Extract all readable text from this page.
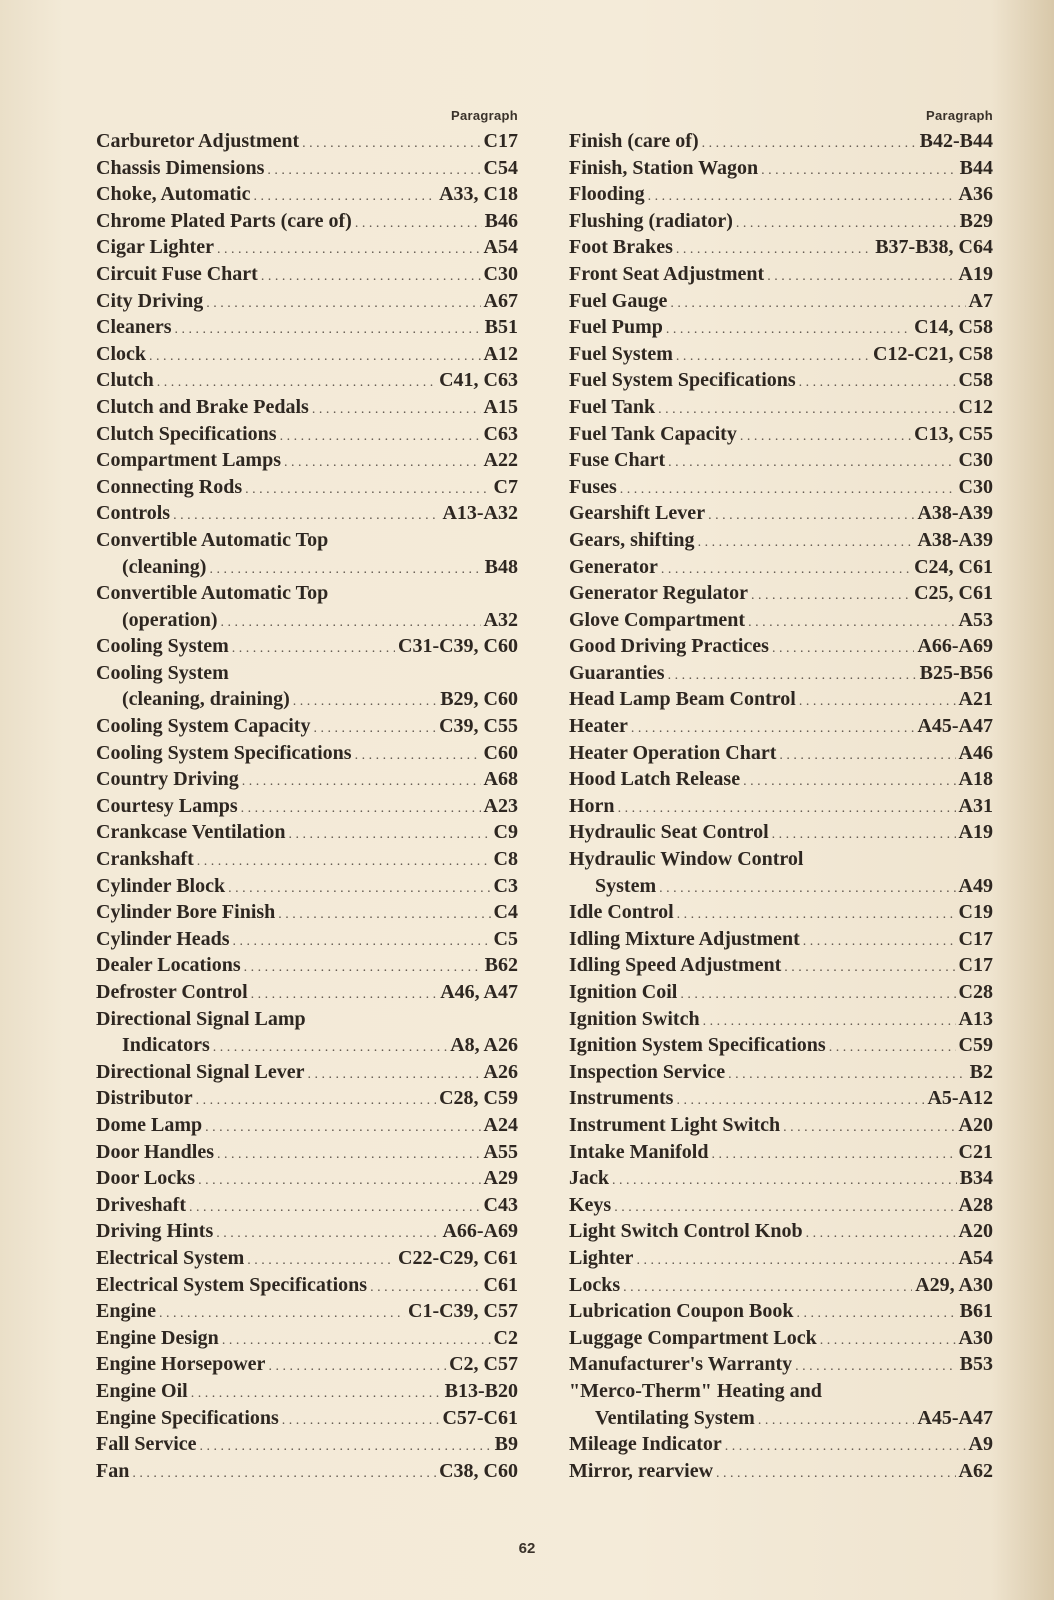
Paragraph
Carburetor Adjustment . . .	C17
Chassis Dimensions . . .	C54
Choke, Automatic . . .	A33, C18
Chrome Plated Parts (care of) . . .	B46
Cigar Lighter . . .	A54
Circuit Fuse Chart . . .	C30
City Driving . . .	A67
Cleaners . . .	B51
Clock . . .	A12
Clutch . . .	C41, C63
Clutch and Brake Pedals . . .	A15
Clutch Specifications . . .	C63
Compartment Lamps . . .	A22
Connecting Rods . . .	C7
Controls . . .	A13-A32
Convertible Automatic Top
(cleaning) . . .	B48
Convertible Automatic Top
(operation) . . .	A32
Cooling System . . .	C31-C39, C60
Cooling System
(cleaning, draining) . . .	B29, C60
Cooling System Capacity . . .	C39, C55
Cooling System Specifications . . .	C60
Country Driving . . .	A68
Courtesy Lamps . . .	A23
Crankcase Ventilation . . .	C9
Crankshaft . . .	C8
Cylinder Block . . .	C3
Cylinder Bore Finish . . .	C4
Cylinder Heads . . .	C5
Dealer Locations . . .	B62
Defroster Control . . .	A46, A47
Directional Signal Lamp
Indicators . . .	A8, A26
Directional Signal Lever . . .	A26
Distributor . . .	C28, C59
Dome Lamp . . .	A24
Door Handles . . .	A55
Door Locks . . .	A29
Driveshaft . . .	C43
Driving Hints . . .	A66-A69
Electrical System . . .	C22-C29, C61
Electrical System Specifications . . .	C61
Engine . . .	C1-C39, C57
Engine Design . . .	C2
Engine Horsepower . . .	C2, C57
Engine Oil . . .	B13-B20
Engine Specifications . . .	C57-C61
Fall Service . . .	B9
Fan . . .	C38, C60
Paragraph
Finish (care of) . . .	B42-B44
Finish, Station Wagon . . .	B44
Flooding . . .	A36
Flushing (radiator) . . .	B29
Foot Brakes . . .	B37-B38, C64
Front Seat Adjustment . . .	A19
Fuel Gauge . . .	A7
Fuel Pump . . .	C14, C58
Fuel System . . .	C12-C21, C58
Fuel System Specifications . . .	C58
Fuel Tank . . .	C12
Fuel Tank Capacity . . .	C13, C55
Fuse Chart . . .	C30
Fuses . . .	C30
Gearshift Lever . . .	A38-A39
Gears, shifting . . .	A38-A39
Generator . . .	C24, C61
Generator Regulator . . .	C25, C61
Glove Compartment . . .	A53
Good Driving Practices . . .	A66-A69
Guaranties . . .	B25-B56
Head Lamp Beam Control . . .	A21
Heater . . .	A45-A47
Heater Operation Chart . . .	A46
Hood Latch Release . . .	A18
Horn . . .	A31
Hydraulic Seat Control . . .	A19
Hydraulic Window Control
System . . .	A49
Idle Control . . .	C19
Idling Mixture Adjustment . . .	C17
Idling Speed Adjustment . . .	C17
Ignition Coil . . .	C28
Ignition Switch . . .	A13
Ignition System Specifications . . .	C59
Inspection Service . . .	B2
Instruments . . .	A5-A12
Instrument Light Switch . . .	A20
Intake Manifold . . .	C21
Jack . . .	B34
Keys . . .	A28
Light Switch Control Knob . . .	A20
Lighter . . .	A54
Locks . . .	A29, A30
Lubrication Coupon Book . . .	B61
Luggage Compartment Lock . . .	A30
Manufacturer's Warranty . . .	B53
"Merco-Therm" Heating and
Ventilating System . . .	A45-A47
Mileage Indicator . . .	A9
Mirror, rearview . . .	A62
62
